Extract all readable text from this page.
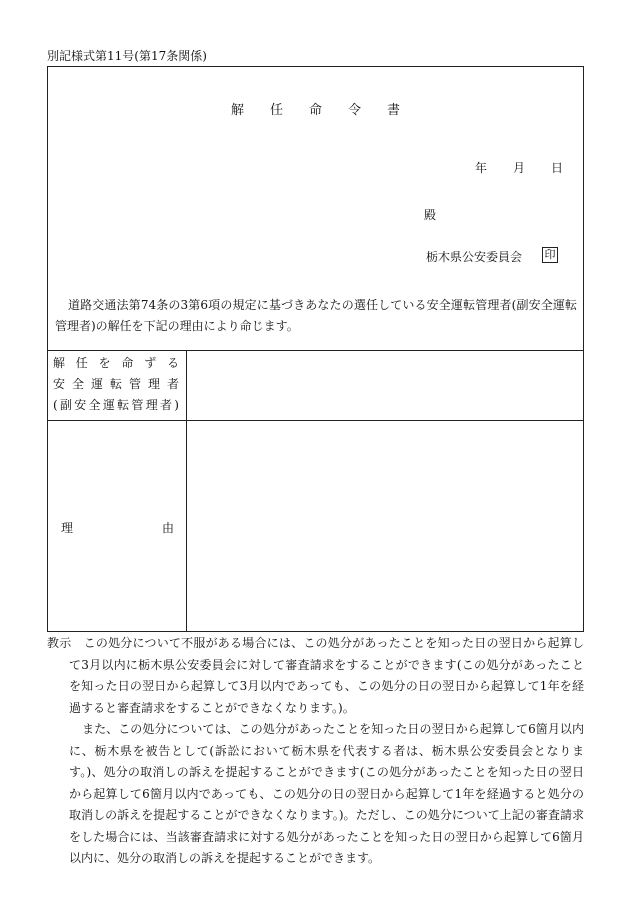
別記様式第11号(第17条関係)
解 任 命 令 書
年 月 日
殿
栃木県公安委員会 印
道路交通法第74条の3第6項の規定に基づきあなたの選任している安全運転管理者(副安全運転管理者)の解任を下記の理由により命じます。
解任を命ずる
安全運転管理者
(副安全運転管理者)
理	由

教示　この処分について不服がある場合には、この処分があったことを知った日の翌日から起算して3月以内に栃木県公安委員会に対して審査請求をすることができます(この処分があったことを知った日の翌日から起算して3月以内であっても、この処分の日の翌日から起算して1年を経過すると審査請求をすることができなくなります。)。

また、この処分については、この処分があったことを知った日の翌日から起算して6箇月以内に、栃木県を被告として(訴訟において栃木県を代表する者は、栃木県公安委員会となります。)、処分の取消しの訴えを提起することができます(この処分があったことを知った日の翌日から起算して6箇月以内であっても、この処分の日の翌日から起算して1年を経過すると処分の取消しの訴えを提起することができなくなります。)。ただし、この処分について上記の審査請求をした場合には、当該審査請求に対する処分があったことを知った日の翌日から起算して6箇月以内に、処分の取消しの訴えを提起することができます。
